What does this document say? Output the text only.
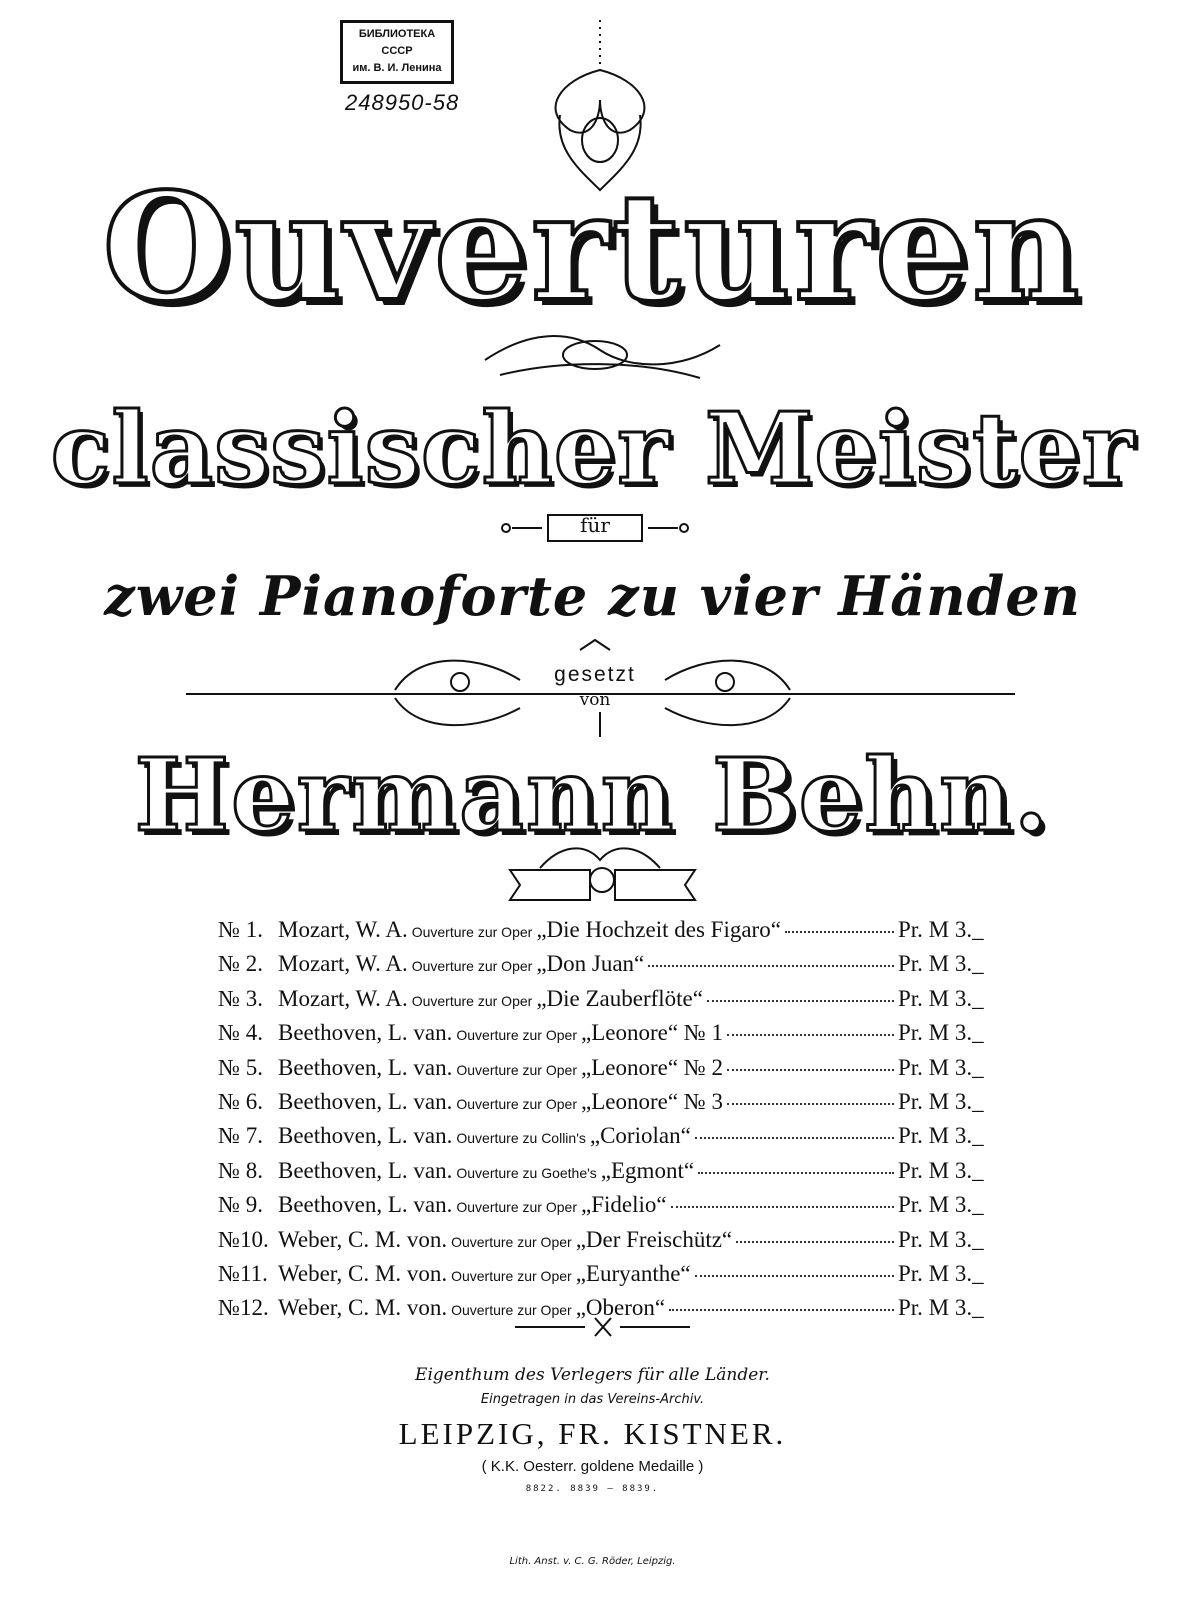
БИБЛИОТЕКА
СССР
им. В. И. Ленина
248950-58
Ouverturen
classischer Meister
für
zwei Pianoforte zu vier Händen
gesetzt
von
Hermann Behn.
№ 1. Mozart, W. A. Ouverture zur Oper „Die Hochzeit des Figaro“	Pr. M 3._
№ 2. Mozart, W. A. Ouverture zur Oper „Don Juan“	Pr. M 3._
№ 3. Mozart, W. A. Ouverture zur Oper „Die Zauberflöte“	Pr. M 3._
№ 4. Beethoven, L. van. Ouverture zur Oper „Leonore“ № 1	Pr. M 3._
№ 5. Beethoven, L. van. Ouverture zur Oper „Leonore“ № 2	Pr. M 3._
№ 6. Beethoven, L. van. Ouverture zur Oper „Leonore“ № 3	Pr. M 3._
№ 7. Beethoven, L. van. Ouverture zu Collin's „Coriolan“	Pr. M 3._
№ 8. Beethoven, L. van. Ouverture zu Goethe's „Egmont“	Pr. M 3._
№ 9. Beethoven, L. van. Ouverture zur Oper „Fidelio“	Pr. M 3._
№10. Weber, C. M. von. Ouverture zur Oper „Der Freischütz“	Pr. M 3._
№11. Weber, C. M. von. Ouverture zur Oper „Euryanthe“	Pr. M 3._
№12. Weber, C. M. von. Ouverture zur Oper „Oberon“	Pr. M 3._
Eigenthum des Verlegers für alle Länder.
Eingetragen in das Vereins-Archiv.
LEIPZIG, FR. KISTNER.
( K.K. Oesterr. goldene Medaille )
8822. 8839 — 8839.
Lith. Anst. v. C. G. Röder, Leipzig.
